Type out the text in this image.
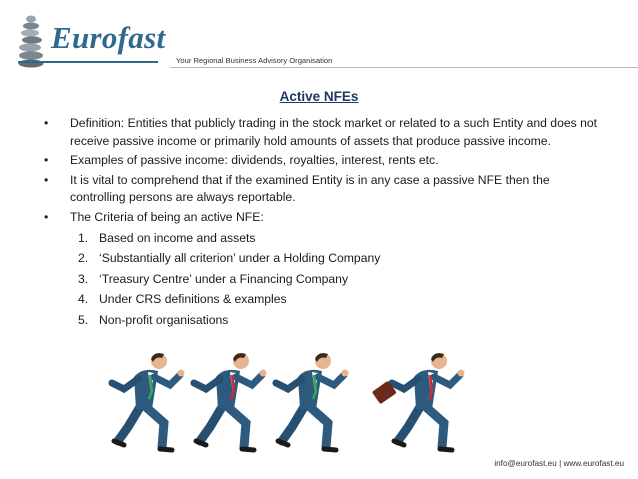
Eurofast
Your Regional Business Advisory Organisation
Active NFEs
•	Definition: Entities that publicly trading in the stock market or related to a such Entity and does not receive passive income or primarily hold amounts of assets that produce passive income.
•	Examples of passive income: dividends, royalties, interest, rents etc.
•	It is vital to comprehend that if the examined Entity is in any case a passive NFE then the controlling persons are always reportable.
•	The Criteria of being an active NFE:
1. Based on income and assets
2. ‘Substantially all criterion’ under a Holding Company
3. ‘Treasury Centre’ under a Financing Company
4. Under CRS definitions & examples
5. Non-profit organisations
info@eurofast.eu | www.eurofast.eu
